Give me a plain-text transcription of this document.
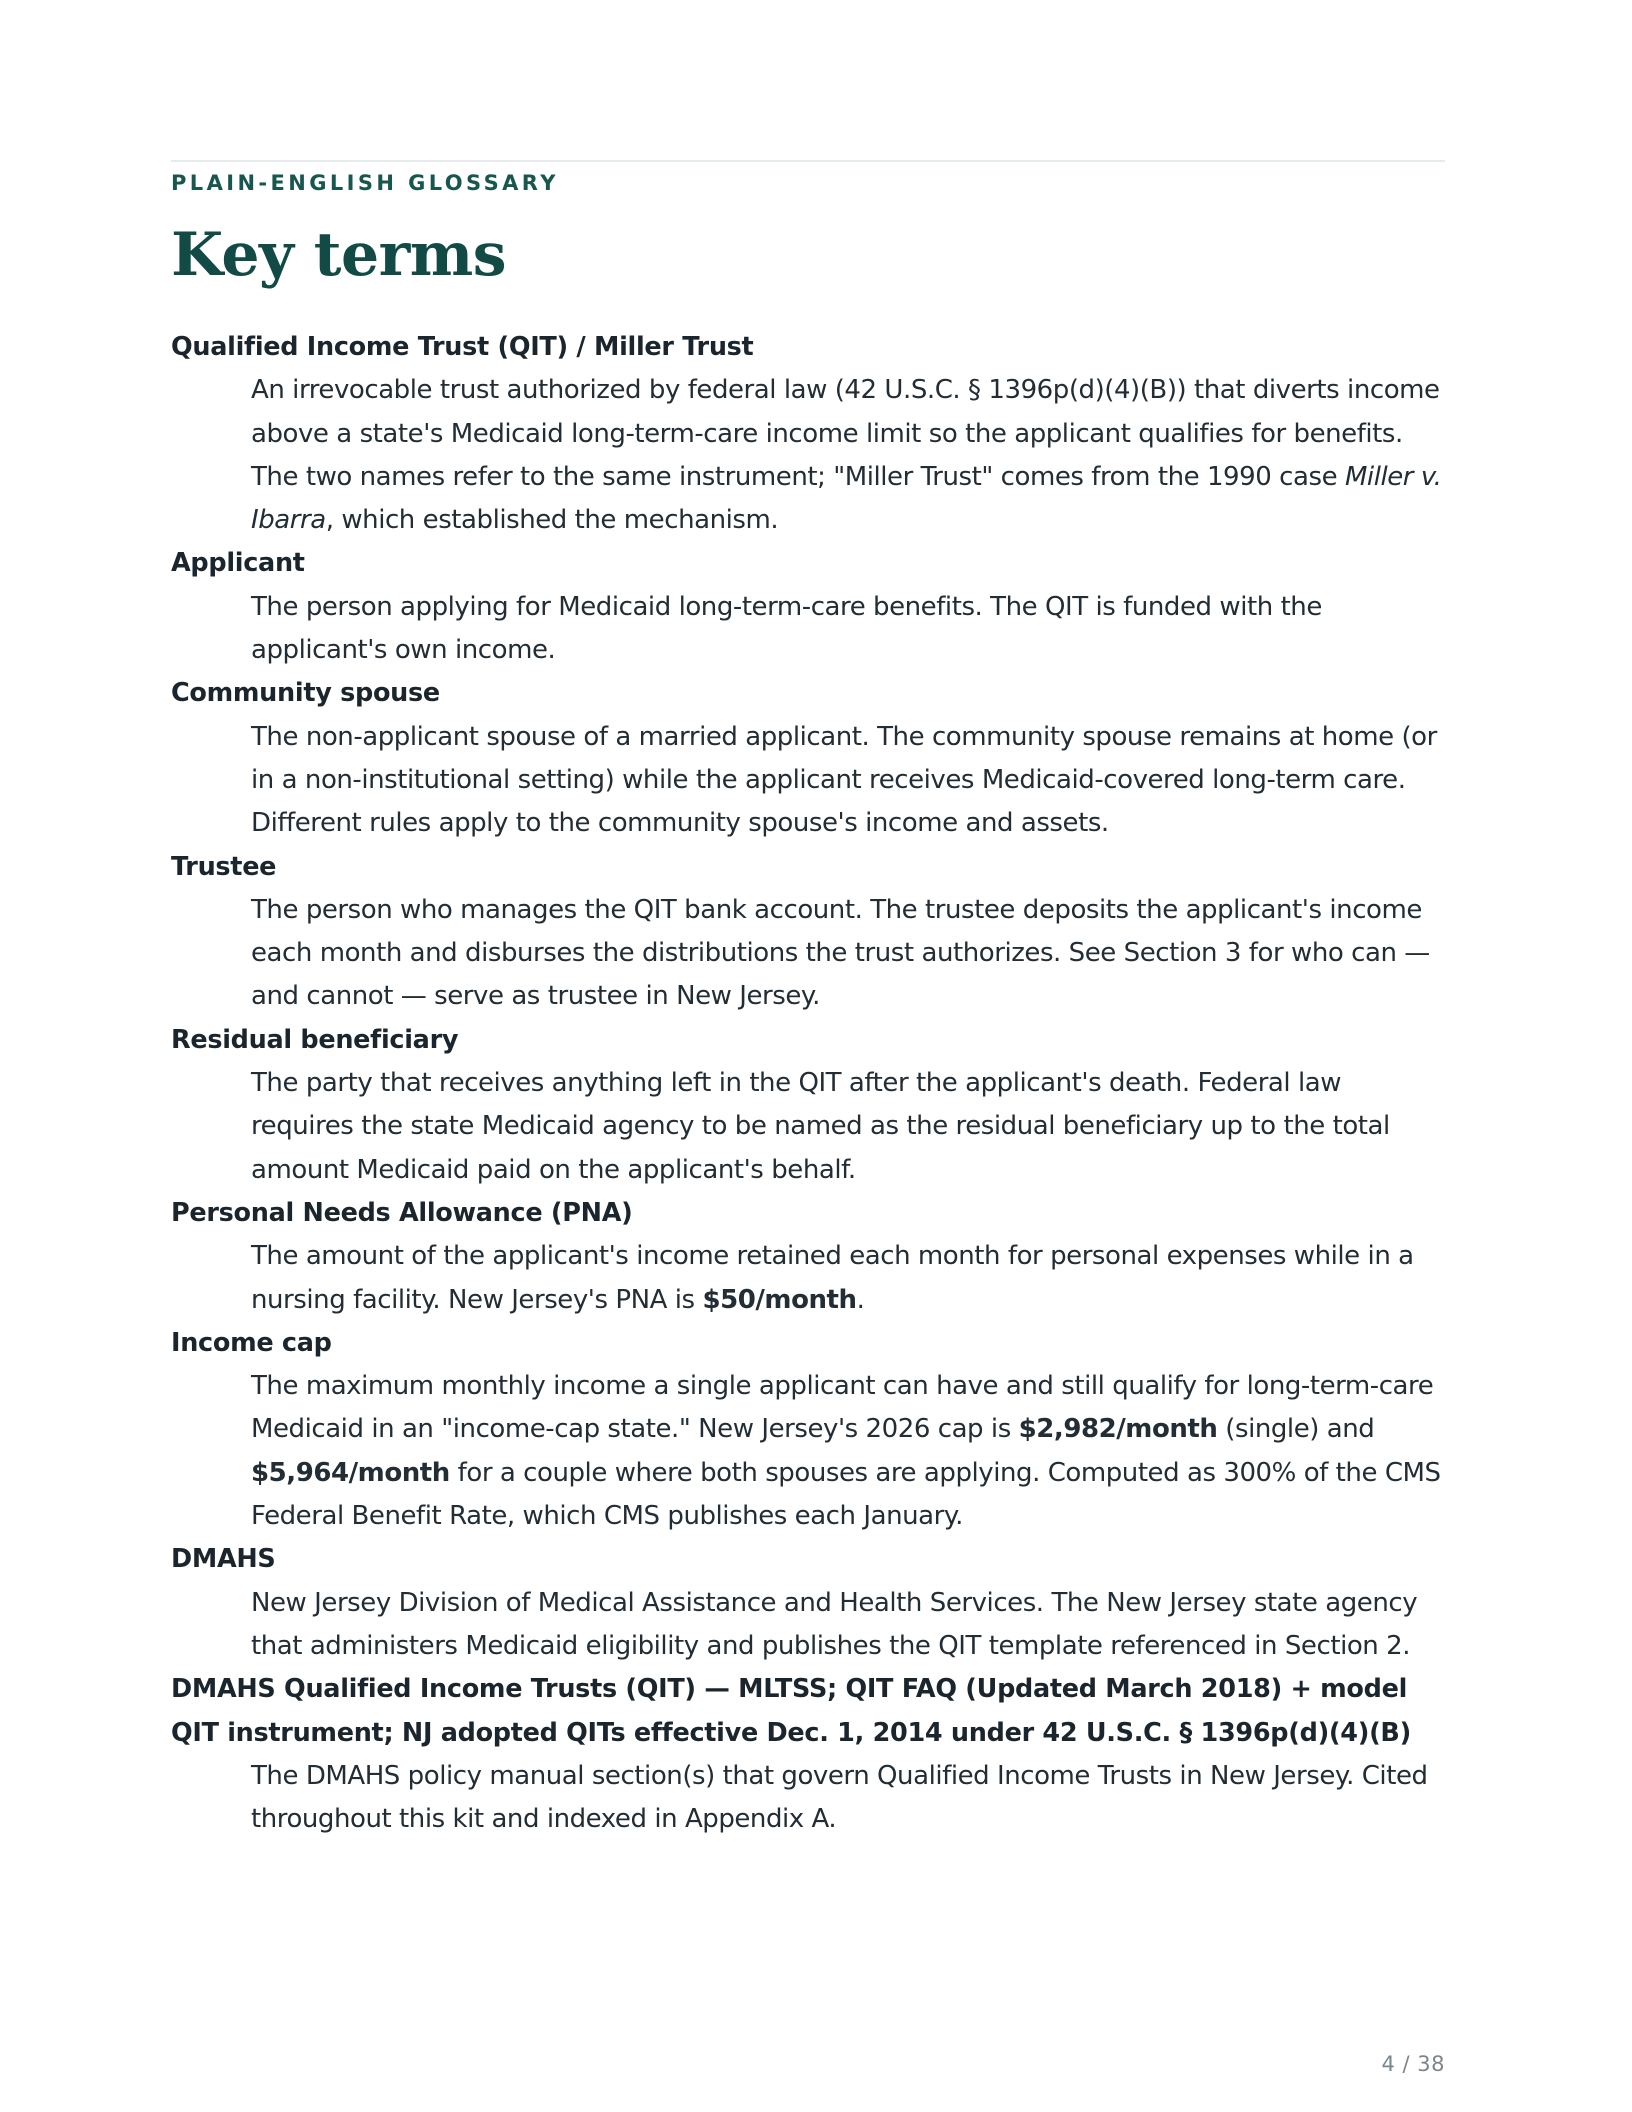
PLAIN-ENGLISH GLOSSARY
Key terms
Qualified Income Trust (QIT) / Miller Trust
An irrevocable trust authorized by federal law (42 U.S.C. § 1396p(d)(4)(B)) that diverts income above a state's Medicaid long-term-care income limit so the applicant qualifies for benefits. The two names refer to the same instrument; "Miller Trust" comes from the 1990 case Miller v. Ibarra, which established the mechanism.
Applicant
The person applying for Medicaid long-term-care benefits. The QIT is funded with the applicant's own income.
Community spouse
The non-applicant spouse of a married applicant. The community spouse remains at home (or in a non-institutional setting) while the applicant receives Medicaid-covered long-term care. Different rules apply to the community spouse's income and assets.
Trustee
The person who manages the QIT bank account. The trustee deposits the applicant's income each month and disburses the distributions the trust authorizes. See Section 3 for who can — and cannot — serve as trustee in New Jersey.
Residual beneficiary
The party that receives anything left in the QIT after the applicant's death. Federal law requires the state Medicaid agency to be named as the residual beneficiary up to the total amount Medicaid paid on the applicant's behalf.
Personal Needs Allowance (PNA)
The amount of the applicant's income retained each month for personal expenses while in a nursing facility. New Jersey's PNA is $50/month.
Income cap
The maximum monthly income a single applicant can have and still qualify for long-term-care Medicaid in an "income-cap state." New Jersey's 2026 cap is $2,982/month (single) and $5,964/month for a couple where both spouses are applying. Computed as 300% of the CMS Federal Benefit Rate, which CMS publishes each January.
DMAHS
New Jersey Division of Medical Assistance and Health Services. The New Jersey state agency that administers Medicaid eligibility and publishes the QIT template referenced in Section 2.
DMAHS Qualified Income Trusts (QIT) — MLTSS; QIT FAQ (Updated March 2018) + model QIT instrument; NJ adopted QITs effective Dec. 1, 2014 under 42 U.S.C. § 1396p(d)(4)(B)
The DMAHS policy manual section(s) that govern Qualified Income Trusts in New Jersey. Cited throughout this kit and indexed in Appendix A.
4 / 38
